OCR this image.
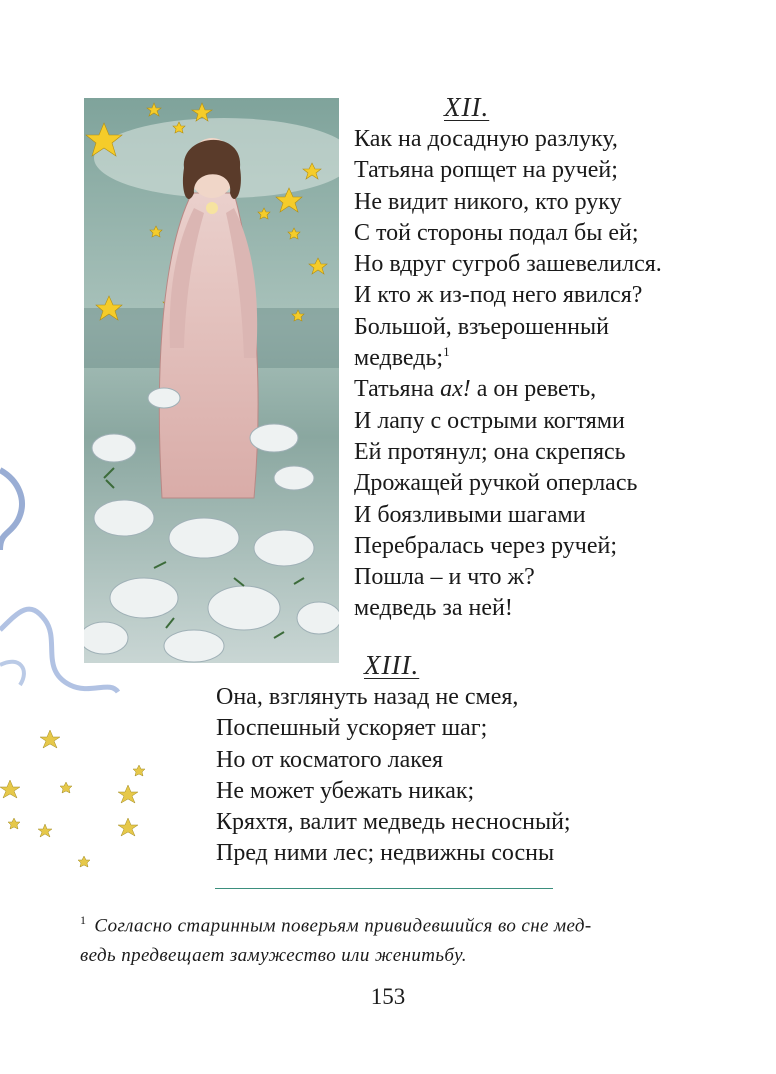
XII.
Как на досадную разлуку,
Татьяна ропщет на ручей;
Не видит никого, кто руку
С той стороны подал бы ей;
Но вдруг сугроб зашевелился.
И кто ж из-под него явился?
Большой, взъерошенный
медведь;$^1$
Татьяна ах! а он реветь,
И лапу с острыми когтями
Ей протянул; она скрепясь
Дрожащей ручкой оперлась
И боязливыми шагами
Перебралась через ручей;
Пошла – и что ж?
медведь за ней!
XIII.
Она, взглянуть назад не смея,
Поспешный ускоряет шаг;
Но от косматого лакея
Не может убежать никак;
Кряхтя, валит медведь несносный;
Пред ними лес; недвижны сосны
$^1$ Согласно старинным поверьям привидевшийся во сне мед-
ведь предвещает замужество или женитьбу.
153
